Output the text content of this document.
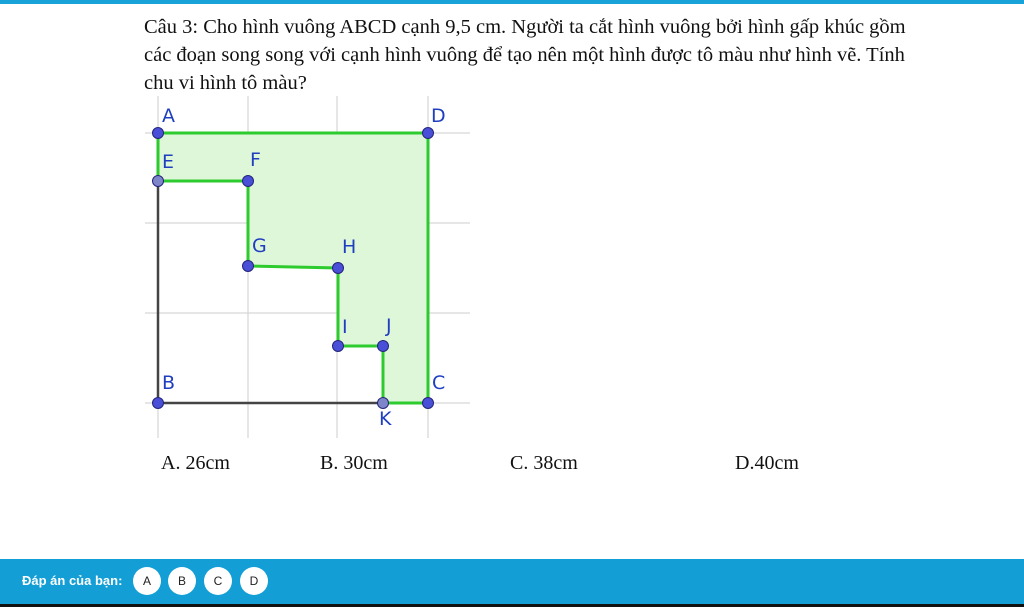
Câu 3: Cho hình vuông ABCD cạnh 9,5 cm. Người ta cắt hình vuông bởi hình gấp khúc gồm các đoạn song song với cạnh hình vuông để tạo nên một hình được tô màu như hình vẽ. Tính chu vi hình tô màu?
A	D
E	F
G	H
I J
B	C
K
A. 26cm	B. 30cm	C. 38cm	D.40cm
Đáp án của bạn:	A	B	C	D
